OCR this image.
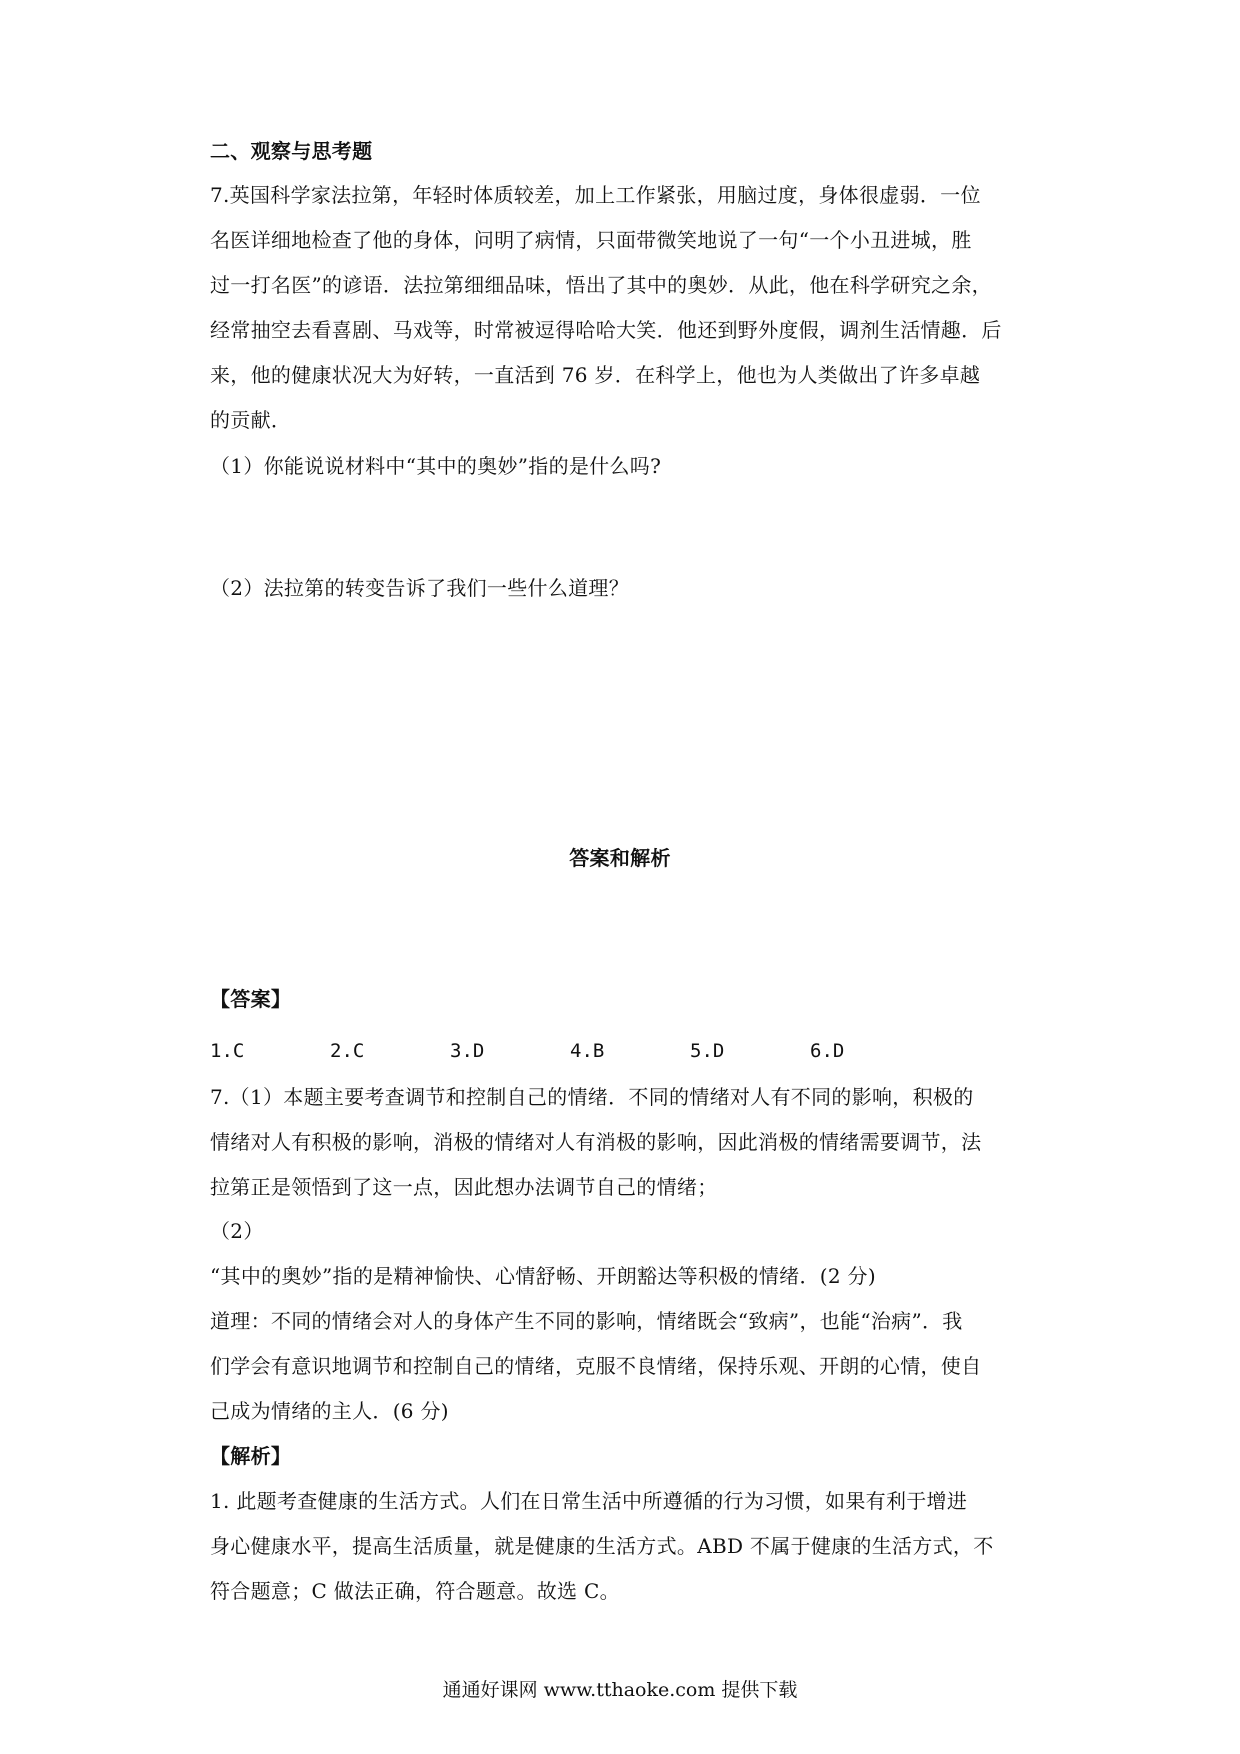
二、观察与思考题
7.英国科学家法拉第，年轻时体质较差，加上工作紧张，用脑过度，身体很虚弱．一位
名医详细地检查了他的身体，问明了病情，只面带微笑地说了一句“一个小丑进城，胜
过一打名医”的谚语．法拉第细细品味，悟出了其中的奥妙．从此，他在科学研究之余，
经常抽空去看喜剧、马戏等，时常被逗得哈哈大笑．他还到野外度假，调剂生活情趣．后
来，他的健康状况大为好转，一直活到 76 岁．在科学上，他也为人类做出了许多卓越
的贡献．
（1）你能说说材料中“其中的奥妙”指的是什么吗?
（2）法拉第的转变告诉了我们一些什么道理？
答案和解析
【答案】
1.C	2.C	3.D	4.B	5.D	6.D
7.（1）本题主要考查调节和控制自己的情绪．不同的情绪对人有不同的影响，积极的
情绪对人有积极的影响，消极的情绪对人有消极的影响，因此消极的情绪需要调节，法
拉第正是领悟到了这一点，因此想办法调节自己的情绪；
（2）
“其中的奥妙”指的是精神愉快、心情舒畅、开朗豁达等积极的情绪．(2 分)
道理：不同的情绪会对人的身体产生不同的影响，情绪既会“致病”，也能“治病”．我
们学会有意识地调节和控制自己的情绪，克服不良情绪，保持乐观、开朗的心情，使自
己成为情绪的主人．(6 分)
【解析】
1. 此题考查健康的生活方式。人们在日常生活中所遵循的行为习惯，如果有利于增进
身心健康水平，提高生活质量，就是健康的生活方式。ABD 不属于健康的生活方式，不
符合题意；C 做法正确，符合题意。故选 C。
通通好课网 www.tthaoke.com 提供下载
